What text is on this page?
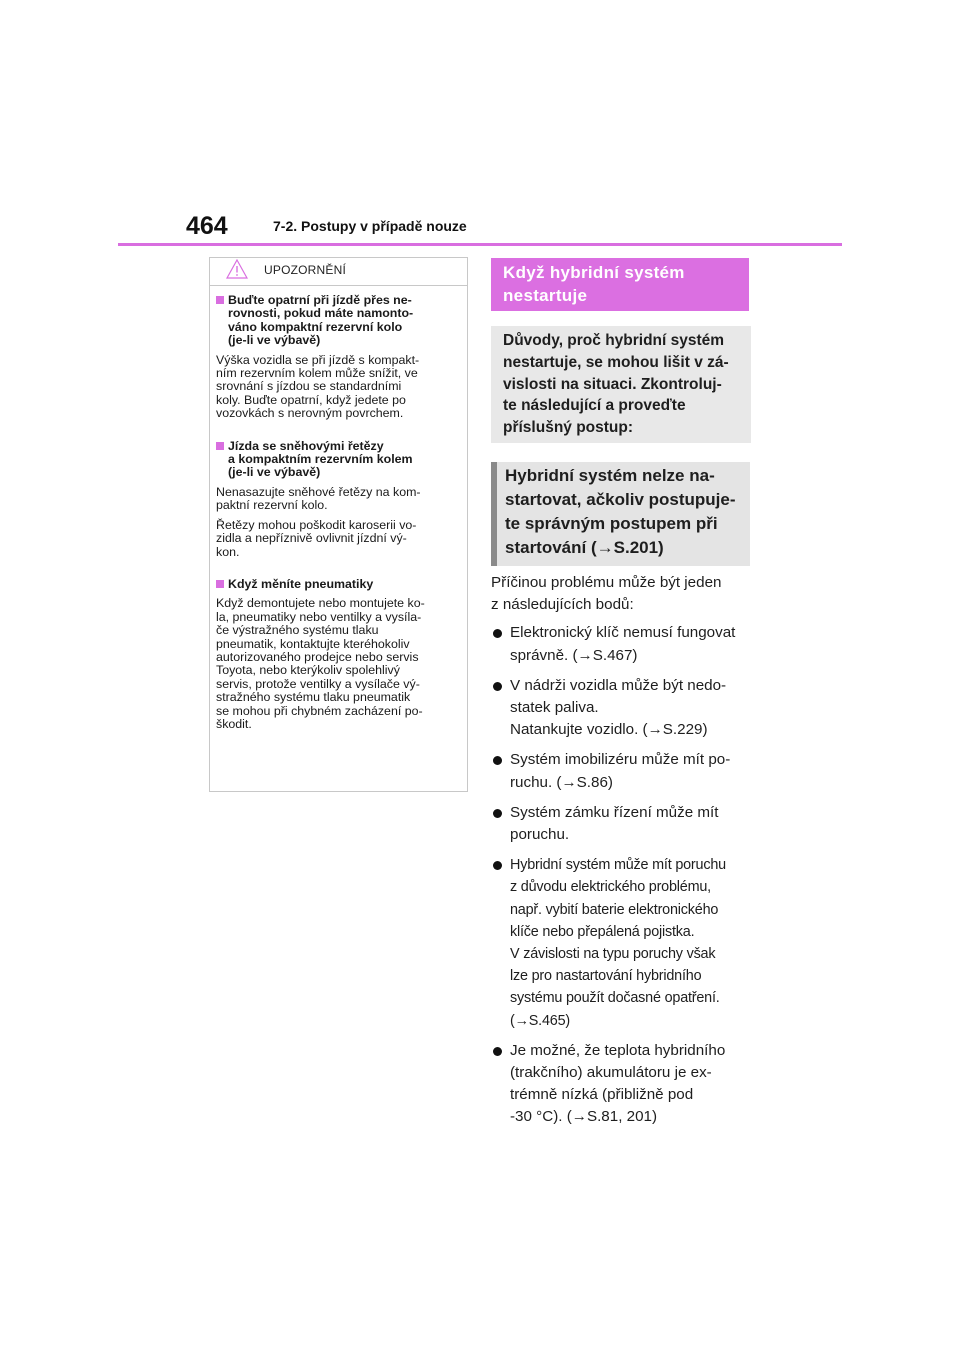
464	7-2. Postupy v případě nouze
UPOZORNĚNÍ
Buďte opatrní při jízdě přes ne-
rovnosti, pokud máte namonto-
váno kompaktní rezervní kolo
(je-li ve výbavě)
Výška vozidla se při jízdě s kompakt-
ním rezervním kolem může snížit, ve
srovnání s jízdou se standardními
koly. Buďte opatrní, když jedete po
vozovkách s nerovným povrchem.
Jízda se sněhovými řetězy
a kompaktním rezervním kolem
(je-li ve výbavě)
Nenasazujte sněhové řetězy na kom-
paktní rezervní kolo.
Řetězy mohou poškodit karoserii vo-
zidla a nepříznivě ovlivnit jízdní vý-
kon.
Když měníte pneumatiky
Když demontujete nebo montujete ko-
la, pneumatiky nebo ventilky a vysíla-
če výstražného systému tlaku
pneumatik, kontaktujte kteréhokoliv
autorizovaného prodejce nebo servis
Toyota, nebo kterýkoliv spolehlivý
servis, protože ventilky a vysílače vý-
stražného systému tlaku pneumatik
se mohou při chybném zacházení po-
škodit.
Když hybridní systém
nestartuje
Důvody, proč hybridní systém
nestartuje, se mohou lišit v zá-
vislosti na situaci. Zkontroluj-
te následující a proveďte
příslušný postup:
Hybridní systém nelze na-
startovat, ačkoliv postupuje-
te správným postupem při
startování (→S.201)

Příčinou problému může být jeden
z následujících bodů:

Elektronický klíč nemusí fungovat
správně. (→S.467)
V nádrži vozidla může být nedo-
statek paliva.
Natankujte vozidlo. (→S.229)
Systém imobilizéru může mít po-
ruchu. (→S.86)
Systém zámku řízení může mít
poruchu.
Hybridní systém může mít poruchu
z důvodu elektrického problému,
např. vybití baterie elektronického
klíče nebo přepálená pojistka.
V závislosti na typu poruchy však
lze pro nastartování hybridního
systému použít dočasné opatření.
(→S.465)
Je možné, že teplota hybridního
(trakčního) akumulátoru je ex-
trémně nízká (přibližně pod
-30 °C). (→S.81, 201)
